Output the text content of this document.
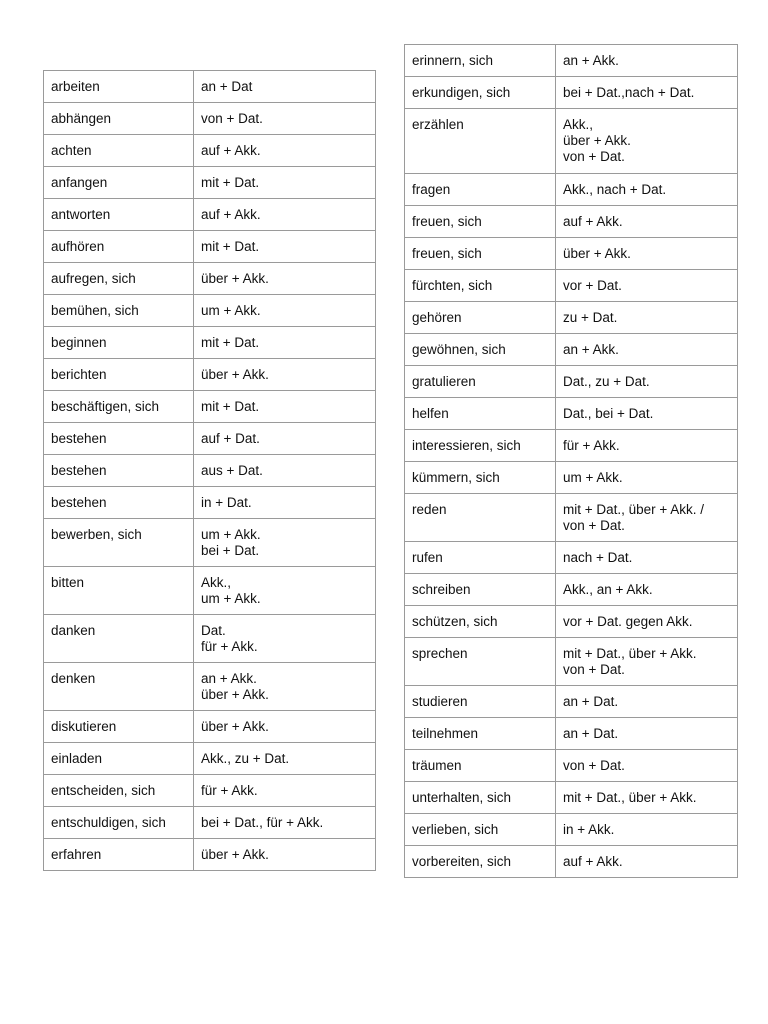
arbeiten	an + Dat
abhängen	von + Dat.
achten	auf + Akk.
anfangen	mit + Dat.
antworten	auf + Akk.
aufhören	mit + Dat.
aufregen, sich	über + Akk.
bemühen, sich	um + Akk.
beginnen	mit + Dat.
berichten	über + Akk.
beschäftigen, sich	mit + Dat.
bestehen	auf + Dat.
bestehen	aus + Dat.
bestehen	in + Dat.
bewerben, sich	um + Akk.
bei + Dat.
bitten	Akk.,
um + Akk.
danken	Dat.
für + Akk.
denken	an + Akk.
über + Akk.
diskutieren	über + Akk.
einladen	Akk., zu + Dat.
entscheiden, sich	für + Akk.
entschuldigen, sich	bei + Dat., für + Akk.
erfahren	über + Akk.
erinnern, sich	an + Akk.
erkundigen, sich	bei + Dat.,nach + Dat.
erzählen	Akk.,
über + Akk.
von + Dat.
fragen	Akk., nach + Dat.
freuen, sich	auf + Akk.
freuen, sich	über + Akk.
fürchten, sich	vor + Dat.
gehören	zu + Dat.
gewöhnen, sich	an + Akk.
gratulieren	Dat., zu + Dat.
helfen	Dat., bei + Dat.
interessieren, sich	für + Akk.
kümmern, sich	um + Akk.
reden	mit + Dat., über + Akk. /
von + Dat.
rufen	nach + Dat.
schreiben	Akk., an + Akk.
schützen, sich	vor + Dat. gegen Akk.
sprechen	mit + Dat., über + Akk.
von + Dat.
studieren	an + Dat.
teilnehmen	an + Dat.
träumen	von + Dat.
unterhalten, sich	mit + Dat., über + Akk.
verlieben, sich	in + Akk.
vorbereiten, sich	auf + Akk.
